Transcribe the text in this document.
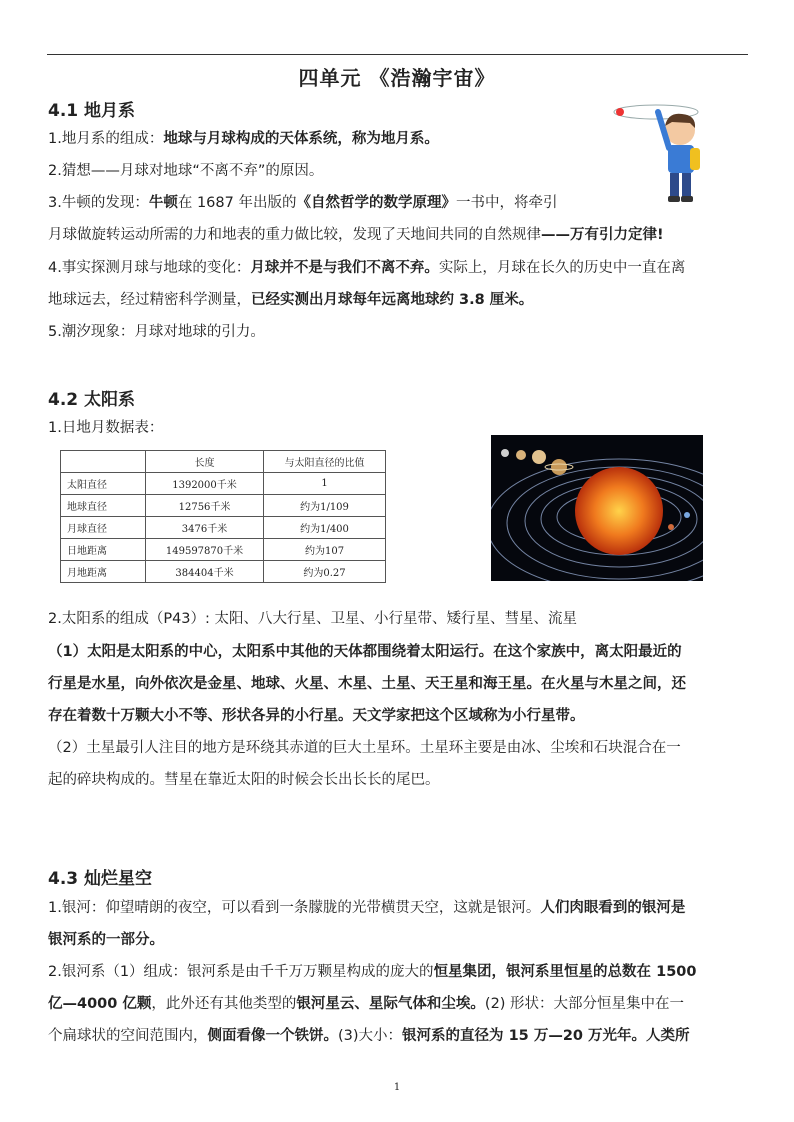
四单元 《浩瀚宇宙》
4.1 地月系
1.地月系的组成：地球与月球构成的天体系统，称为地月系。
2.猜想——月球对地球“不离不弃”的原因。
3.牛顿的发现：牛顿在 1687 年出版的《自然哲学的数学原理》一书中，将牵引
月球做旋转运动所需的力和地表的重力做比较，发现了天地间共同的自然规律——万有引力定律!
4.事实探测月球与地球的变化：月球并不是与我们不离不弃。实际上，月球在长久的历史中一直在离
地球远去，经过精密科学测量，已经实测出月球每年远离地球约 3.8 厘米。
5.潮汐现象：月球对地球的引力。
4.2 太阳系
1.日地月数据表：
	长度	与太阳直径的比值
太阳直径	1392000千米	1
地球直径	12756千米	约为1/109
月球直径	3476千米	约为1/400
日地距离	149597870千米	约为107
月地距离	384404千米	约为0.27
2.太阳系的组成（P43）: 太阳、八大行星、卫星、小行星带、矮行星、彗星、流星
（1）太阳是太阳系的中心，太阳系中其他的天体都围绕着太阳运行。在这个家族中，离太阳最近的
行星是水星，向外依次是金星、地球、火星、木星、土星、天王星和海王星。在火星与木星之间，还
存在着数十万颗大小不等、形状各异的小行星。天文学家把这个区域称为小行星带。
（2）土星最引人注目的地方是环绕其赤道的巨大土星环。土星环主要是由冰、尘埃和石块混合在一
起的碎块构成的。彗星在靠近太阳的时候会长出长长的尾巴。
4.3 灿烂星空
1.银河：仰望晴朗的夜空，可以看到一条朦胧的光带横贯天空，这就是银河。人们肉眼看到的银河是
银河系的一部分。
2.银河系（1）组成：银河系是由千千万万颗星构成的庞大的恒星集团，银河系里恒星的总数在 1500
亿—4000 亿颗，此外还有其他类型的银河星云、星际气体和尘埃。(2) 形状：大部分恒星集中在一
个扁球状的空间范围内，侧面看像一个铁饼。(3)大小：银河系的直径为 15 万—20 万光年。人类所
1
